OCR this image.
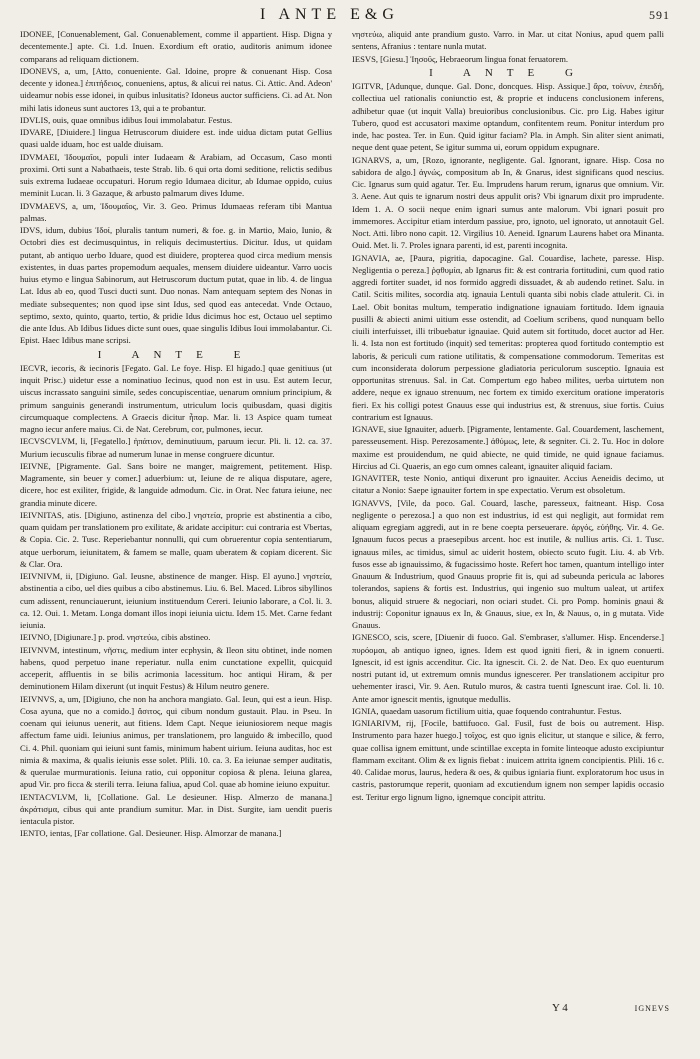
I ANTE E&G	591

IDONEE, [Conuenablement, Gal. Conuenablement, comme il appartient. Hisp. Digna y decentemente.] apte. Ci. 1.d. Inuen. Exordium eft oratio, auditoris animum idonee comparans ad reliquam dictionem.

IDONEVS, a, um, [Atto, conueniente. Gal. Idoine, propre & conuenant Hisp. Cosa decente y idonea.] ἐπιτήδειος, conueniens, aptus, & alicui rei natus. Ci. Attic. And. Adeon' uideamur nobis esse idonei, in quibus inlusitatis? Idoneus auctor sufficiens. Ci. ad At. Non mihi latis idoneus sunt auctores 13, qui a te probantur.

IDVLIS, ouis, quae omnibus idibus Ioui immolabatur. Festus.

IDVARE, [Diuidere.] lingua Hetruscorum diuidere est. inde uidua dictam putat Gellius quasi ualde iduam, hoc est ualde diuisam.

IDVMAEI, Ἰδουμαῖοι, populi inter Iudaeam & Arabiam, ad Occasum, Caso monti proximi. Orti sunt a Nabathaeis, teste Strab. lib. 6 qui orta domi seditione, relictis sedibus suis extrema Iudaeae occupaturi. Horum regio Idumaea dicitur, ab Idumae oppido, cuius meminit Lucan. li. 3 Gazaque, & arbusto palmarum dives Idume.

IDVMAEVS, a, um, Ἰδουμαῖος, Vir. 3. Geo. Primus Idumaeas referam tibi Mantua palmas.

IDVS, idum, dubius Ἰδοί, pluralis tantum numeri, & foe. g. in Martio, Maio, Iunio, & Octobri dies est decimusquintus, in reliquis decimustertius. Dicitur. Idus, ut quidam putant, ab antiquo uerbo Iduare, quod est diuidere, propterea quod circa medium mensis existentes, in duas partes propemodum aequales, mensem diuidere uideantur. Varro uocis huius etymo e lingua Sabinorum, aut Hetruscorum ductum putat, quae in lib. 4. de lingua Lat. Idus ab eo, quod Tusci ducti sunt. Duo nonas. Nam antequam septem des Nonas in mediate subsequentes; non quod ipse sint Idus, sed quod eas antecedat. Vnde Octauo, septimo, sexto, quinto, quarto, tertio, & pridie Idus dicimus hoc est, Octauo uel septimo die ante Idus. Ab Idibus Iidues dicte sunt oues, quae singulis Idibus Ioui immolabantur. Ci. Epist. Haec Idibus mane scripsi.

I ANTE E

IECVR, iecoris, & iecinoris [Fegato. Gal. Le foye. Hisp. El higado.] quae genitiuus (ut inquit Prisc.) uidetur esse a nominatiuo Iecinus, quod non est in usu. Est autem Iecur, uiscus incrassato sanguini simile, sedes concupiscentiae, uenarum omnium principium, & primum sanguinis generandi instrumentum, utriculum locis quibusdam, quasi digitis circumquaque complectens. A Graecis dicitur ἧπαρ. Mar. li. 13 Aspice quam tumeat magno iecur anfere maius. Ci. de Nat. Cerebrum, cor, pulmones, iecur.

IECVSCVLVM, li, [Fegatello.] ἡπάτιον, deminutiuum, paruum iecur. Pli. li. 12. ca. 37. Murium iecusculis fibrae ad numerum lunae in mense congruere dicuntur.

IEIVNE, [Pigramente. Gal. Sans boire ne manger, maigrement, petitement. Hisp. Magramente, sin beuer y comer.] aduerbium: ut, Ieiune de re aliqua disputare, agere, dicere, hoc est exiliter, frigide, & languide admodum. Cic. in Orat. Nec fatura ieiune, nec grandia minute dicere.

IEIVNITAS, atis. [Digiuno, astinenza del cibo.] νηστεία, proprie est abstinentia a cibo, quam quidam per translationem pro exilitate, & aridate accipitur: cui contraria est Vbertas, & Copia. Cic. 2. Tusc. Reperiebantur nonnulli, qui cum obruerentur copia sententiarum, atque uerborum, ieiunitatem, & famem se malle, quam uberatem & copiam dicerent. Sic & Clar. Ora.

IEIVNIVM, ii, [Digiuno. Gal. Ieusne, abstinence de manger. Hisp. El ayuno.] νηστεία, abstinentia a cibo, uel dies quibus a cibo abstinemus. Liu. 6. Bel. Maced. Libros sibyllinos cum adissent, renunciauerunt, ieiunium instituendum Cereri. Ieiunio laborare, a Col. li. 3. ca. 12. Oui. 1. Metam. Longa domant illos inopi ieiunia uictu. Idem 15. Met. Carne fedant ieiunia.

IEIVNO, [Digiunare.] p. prod. νηστεύω, cibis abstineo.

IEIVNVM, intestinum, νῆστις, medium inter ecphysin, & Ileon situ obtinet, inde nomen habens, quod perpetuo inane reperiatur. nulla enim cunctatione expellit, quicquid acceperit, affluentis in se bilis acrimonia lacessitum. hoc antiqui Hiram, & per deminutionem Hilam dixerunt (ut inquit Festus) & Hilum neutro genere.

IEIVNVS, a, um, [Digiuno, che non ha anchora mangiato. Gal. Ieun, qui est a ieun. Hisp. Cosa ayuna, que no a comido.] ἄσιτος, qui cibum nondum gustauit. Plau. in Pseu. In coenam qui ieiunus uenerit, aut fitiens. Idem Capt. Neque ieiuniosiorem neque magis affectum fame uidi. Ieiunius animus, per translationem, pro languido & imbecillo, quod Ci. 4. Phil. quoniam qui ieiuni sunt famis, minimum habent uirium. Ieiuna auditas, hoc est nimia & maxima, & qualis ieiunis esse solet. Plili. 10. ca. 3. Ea ieiunae semper auditatis, & querulae murmurationis. Ieiuna ratio, cui opponitur copiosa & plena. Ieiuna glarea, apud Vir. pro ficca & sterili terra. Ieiuna faliua, apud Col. quae ab homine ieiuno expuitur.

IENTACVLVM, li, [Collatione. Gal. Le desieuner. Hisp. Almerzo de manana.] ἀκράτισμα, cibus qui ante prandium sumitur. Mar. in Dist. Surgite, iam uendit pueris ientacula pistor.

IENTO, ientas, [Far collatione. Gal. Desieuner. Hisp. Almorzar de manana.]

νηστεύω, aliquid ante prandium gusto. Varro. in Mar. ut citat Nonius, apud quem palli sentens, Afranius : tentare nunla mutat.

IESVS, [Giesu.] Ἰησοῦς, Hebraeorum lingua fonat feruatorem.

I ANTE G

IGITVR, [Adunque, dunque. Gal. Donc, doncques. Hisp. Assique.] ἄρα, τοίνυν, ἐπειδή, collectiua uel rationalis coniunctio est, & proprie et inducens conclusionem inferens, adhibetur quae (ut inquit Valla) breuioribus conclusionibus. Cic. pro Lig. Habes igitur Tubero, quod est accusatori maxime optandum, confitentem reum. Ponitur interdum pro inde, hac postea. Ter. in Eun. Quid igitur faciam? Pla. in Amph. Sin aliter sient animati, neque dent quae petent, Se igitur summa ui, eorum oppidum expugnare.

IGNARVS, a, um, [Rozo, ignorante, negligente. Gal. Ignorant, ignare. Hisp. Cosa no sabidora de algo.] ἀγνώς, compositum ab In, & Gnarus, idest significans quod nescius. Cic. Ignarus sum quid agatur. Ter. Eu. Imprudens harum rerum, ignarus que omnium. Vir. 3. Aene. Aut quis te ignarum nostri deus appulit oris? Vbi ignarum dixit pro imprudente. Idem 1. A. O socii neque enim ignari sumus ante malorum. Vbi ignari posuit pro immemores. Accipitur etiam interdum passiue, pro, ignoto, uel ignorato, ut annotauit Gel. Noct. Atti. libro nono capit. 12. Virgilius 10. Aeneid. Ignarum Laurens habet ora Minanta. Ouid. Met. li. 7. Proles ignara parenti, id est, parenti incognita.

IGNAVIA, ae, [Paura, pigritia, dapocagine. Gal. Couardise, lachete, paresse. Hisp. Negligentia o pereza.] ῥᾳθυμία, ab Ignarus fit: & est contraria fortitudini, cum quod ratio aggredi fortiter suadet, id nos formido aggredi dissuadet, & ab audendo retinet. Salu. in Catil. Scitis milites, socordia atq. ignauia Lentuli quanta sibi nobis clade attulerit. Ci. in Lael. Obit bonitas multum, temperatio indignatione ignauiam fortitudo. Idem ignauia pusilli & abiecti animi uitium esse ostendit, ad Coelium scribens, quod nunquam bello ciuili interfuisset, illi tribuebatur ignauiae. Quid autem sit fortitudo, docet auctor ad Her. li. 4. Ista non est fortitudo (inquit) sed temeritas: propterea quod fortitudo contemptio est laboris, & periculi cum ratione utilitatis, & compensatione commodorum. Temeritas est cum inconsiderata dolorum perpessione gladiatoria periculorum susceptio. Ignauia est opportunitas strenuus. Sal. in Cat. Compertum ego habeo milites, uerba uirtutem non addere, neque ex ignauo strenuum, nec fortem ex timido exercitum oratione imperatoris fieri. Ex his colligi potest Gnauus esse qui industrius est, & strenuus, siue fortis. Cuius contrarium est Ignauus.

IGNAVE, siue Ignauiter, aduerb. [Pigramente, lentamente. Gal. Couardement, laschement, paresseusement. Hisp. Perezosamente.] ἀθύμως, lete, & segniter. Ci. 2. Tu. Hoc in dolore maxime est prouidendum, ne quid abiecte, ne quid timide, ne quid ignaue faciamus. Hircius ad Ci. Quaeris, an ego cum omnes caleant, ignauiter aliquid faciam.

IGNAVITER, teste Nonio, antiqui dixerunt pro ignauiter. Accius Aeneidis decimo, ut citatur a Nonio: Saepe ignauiter fortem in spe expectatio. Verum est obsoletum.

IGNAVVS, [Vile, da poco. Gal. Couard, lasche, paresseux, faitneant. Hisp. Cosa negligente o perezosa.] a quo non est industrius, id est qui negligit, aut formidat rem aliquam egregiam aggredi, aut in re bene coepta perseuerare. ἀργός, εὐήθης. Vir. 4. Ge. Ignauum fucos pecus a praesepibus arcent. hoc est inutile, & nullius artis. Ci. 1. Tusc. ignauus miles, ac timidus, simul ac uiderit hostem, obiecto scuto fugit. Liu. 4. ab Vrb. fusos esse ab ignauissimo, & fugacissimo hoste. Refert hoc tamen, quantum intelligo inter Gnauum & Industrium, quod Gnauus proprie fit is, qui ad subeunda pericula ac labores tolerandos, sapiens & fortis est. Industrius, qui ingenio suo multum ualeat, ut artifex bonus, aliquid struere & negociari, non ociari studet. Ci. pro Pomp. hominis gnaui & industrij: Coponitur ignauus ex In, & Gnauus, siue, ex In, & Nauus, o, in g mutata. Vide Gnauus.

IGNESCO, scis, scere, [Diuenir di fuoco. Gal. S'embraser, s'allumer. Hisp. Encenderse.] πυρόομαι, ab antiquo igneo, ignes. Idem est quod igniti fieri, & in ignem conuerti. Ignescit, id est ignis accenditur. Cic. Ita ignescit. Ci. 2. de Nat. Deo. Ex quo euenturum nostri putant id, ut extremum omnis mundus ignescerer. Per translationem accipitur pro uehementer irasci, Vir. 9. Aen. Rutulo muros, & castra tuenti Ignescunt irae. Col. li. 10. Ante amor ignescit mentis, ignutque medullis.

IGNIA, quaedam uasorum fictilium uitia, quae foquendo contrahuntur. Festus.

IGNIARIVM, rij, [Focile, battifuoco. Gal. Fusil, fust de bois ou autrement. Hisp. Instrumento para hazer huego.] τοῖχος, est quo ignis elicitur, ut stanque e silice, & ferro, quae collisa ignem emittunt, unde scintillae excepta in fomite linteoque adusto excipiuntur flammam excitant. Olim & ex lignis fiebat : inuicem attrita ignem concipientis. Plili. 16 c. 40. Calidae morus, laurus, hedera & oes, & quibus igniaria fiunt. exploratorum hoc usus in castris, pastorumque reperit, quoniam ad excutiendum ignem non semper lapidis occasio est. Teritur ergo lignum ligno, ignemque concipit attritu.

Y 4	IGNEVS
